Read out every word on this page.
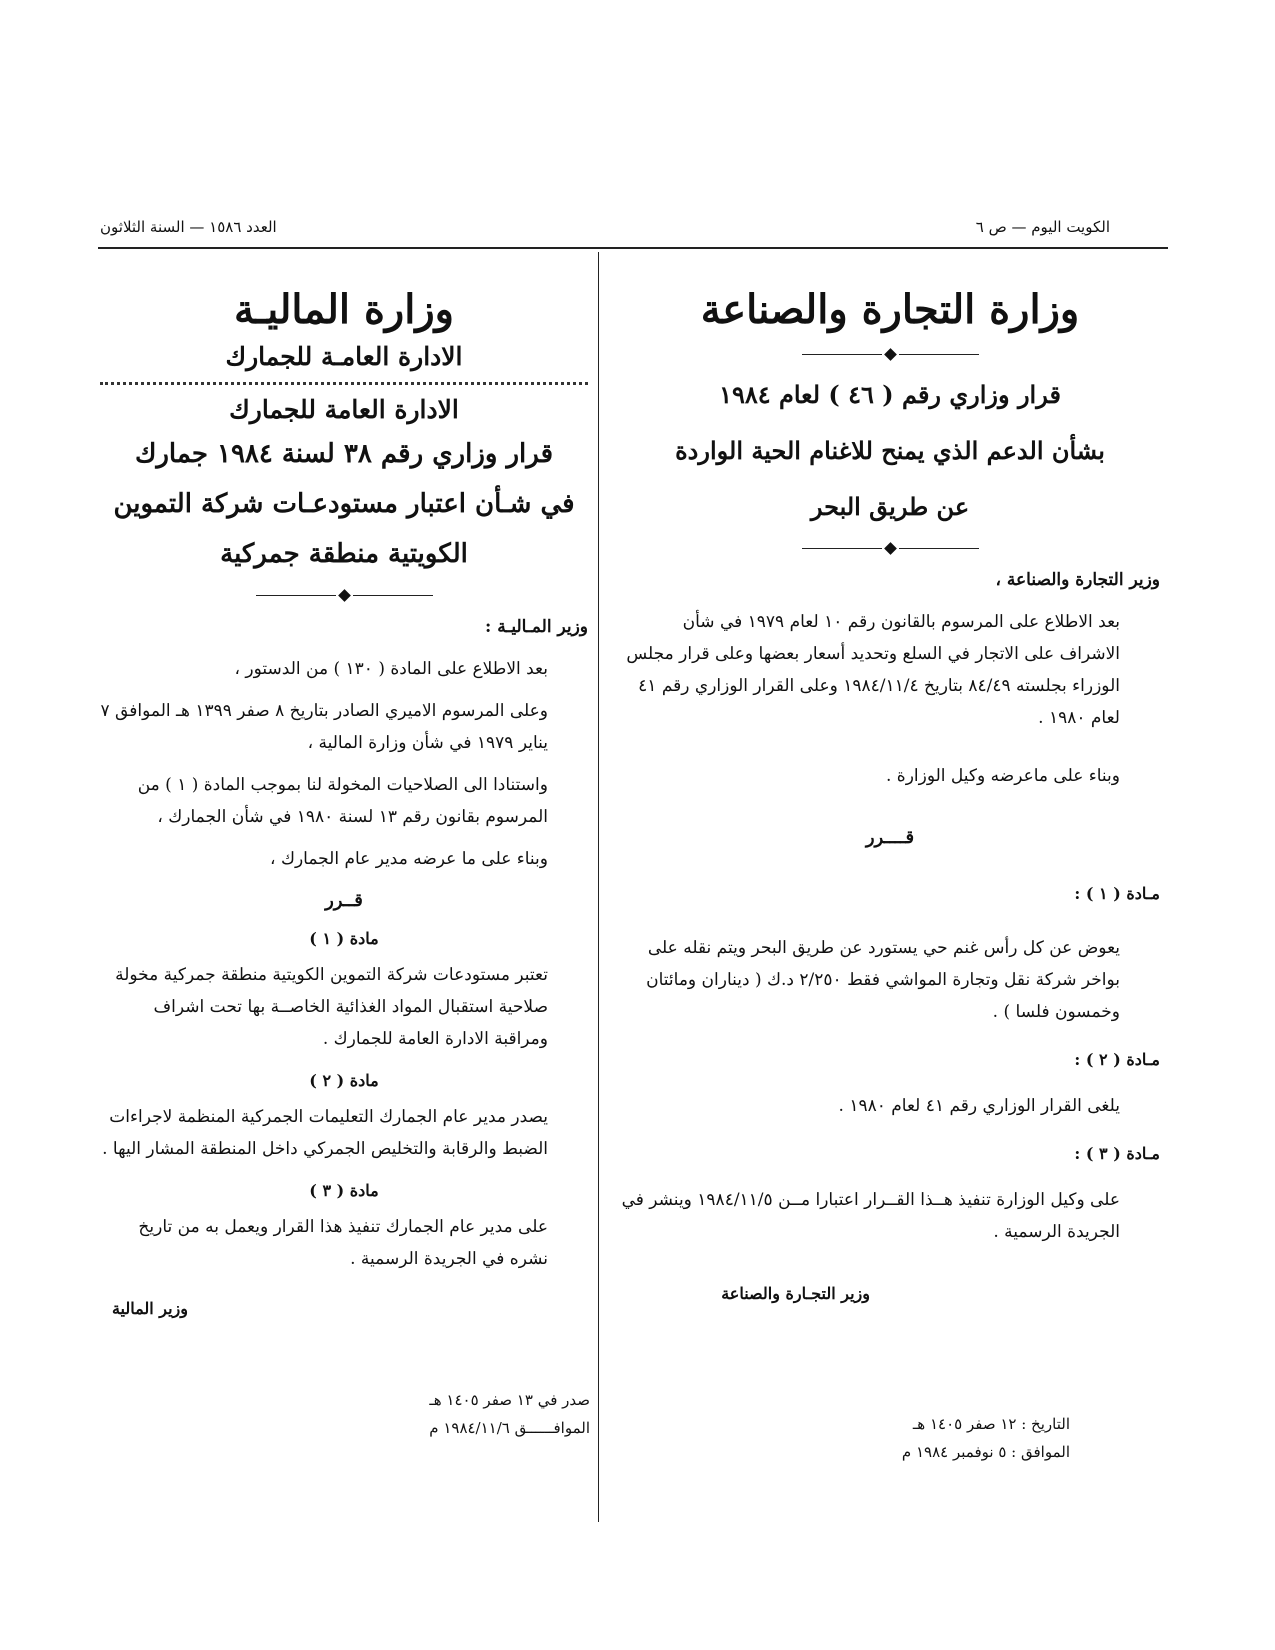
الكويت اليوم — ص ٦
العدد ١٥٨٦ — السنة الثلاثون
وزارة التجارة والصناعة
قرار وزاري رقم ( ٤٦ ) لعام ١٩٨٤
بشأن الدعم الذي يمنح للاغنام الحية الواردة
عن طريق البحر
وزير التجارة والصناعة ،

بعد الاطلاع على المرسوم بالقانون رقم ١٠ لعام ١٩٧٩ في شأن الاشراف على الاتجار في السلع وتحديد أسعار بعضها وعلى قرار مجلس الوزراء بجلسته ٨٤/٤٩ بتاريخ ١٩٨٤/١١/٤ وعلى القرار الوزاري رقم ٤١ لعام ١٩٨٠ .

وبناء على ماعرضه وكيل الوزارة .

قــــرر
مـادة ( ١ ) :

يعوض عن كل رأس غنم حي يستورد عن طريق البحر ويتم نقله على بواخر شركة نقل وتجارة المواشي فقط ٢/٢٥٠ د.ك ( ديناران ومائتان وخمسون فلسا ) .

مـادة ( ٢ ) :

يلغى القرار الوزاري رقم ٤١ لعام ١٩٨٠ .

مـادة ( ٣ ) :

على وكيل الوزارة تنفيذ هــذا القــرار اعتبارا مــن ١٩٨٤/١١/٥ وينشر في الجريدة الرسمية .

وزير التجـارة والصناعة
التاريخ : ١٢ صفر ١٤٠٥ هـ
الموافق : ٥ نوفمبر ١٩٨٤ م
وزارة الماليـة
الادارة العامـة للجمارك
الادارة العامة للجمارك
قرار وزاري رقم ٣٨ لسنة ١٩٨٤ جمارك
في شـأن اعتبار مستودعـات شركة التموين
الكويتية منطقة جمركية
وزير المـاليـة :

بعد الاطلاع على المادة ( ١٣٠ ) من الدستور ،

وعلى المرسوم الاميري الصادر بتاريخ ٨ صفر ١٣٩٩ هـ الموافق ٧ يناير ١٩٧٩ في شأن وزارة المالية ،

واستنادا الى الصلاحيات المخولة لنا بموجب المادة ( ١ ) من المرسوم بقانون رقم ١٣ لسنة ١٩٨٠ في شأن الجمارك ،

وبناء على ما عرضه مدير عام الجمارك ،

قــرر
مادة ( ١ )

تعتبر مستودعات شركة التموين الكويتية منطقة جمركية مخولة صلاحية استقبال المواد الغذائية الخاصــة بها تحت اشراف ومراقبة الادارة العامة للجمارك .

مادة ( ٢ )

يصدر مدير عام الجمارك التعليمات الجمركية المنظمة لاجراءات الضبط والرقابة والتخليص الجمركي داخل المنطقة المشار اليها .

مادة ( ٣ )

على مدير عام الجمارك تنفيذ هذا القرار ويعمل به من تاريخ نشره في الجريدة الرسمية .

وزير المالية
صدر في ١٣ صفر ١٤٠٥ هـ
الموافــــــق ١٩٨٤/١١/٦ م
